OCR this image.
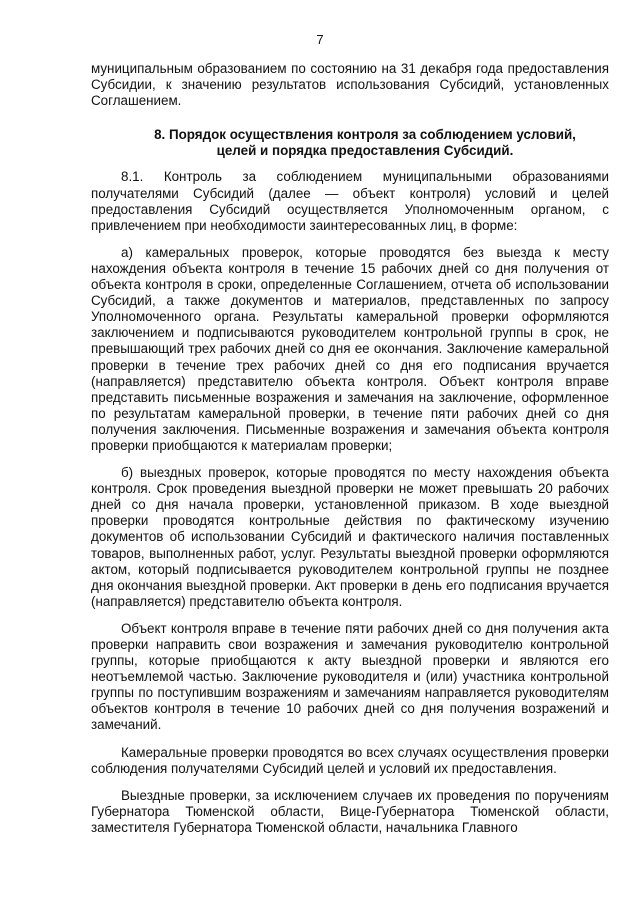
7

муниципальным образованием по состоянию на 31 декабря года предоставления Субсидии, к значению результатов использования Субсидий, установленных Соглашением.

8. Порядок осуществления контроля за соблюдением условий,
целей и порядка предоставления Субсидий.

8.1. Контроль за соблюдением муниципальными образованиями получателями Субсидий (далее — объект контроля) условий и целей предоставления Субсидий осуществляется Уполномоченным органом, с привлечением при необходимости заинтересованных лиц, в форме:

а) камеральных проверок, которые проводятся без выезда к месту нахождения объекта контроля в течение 15 рабочих дней со дня получения от объекта контроля в сроки, определенные Соглашением, отчета об использовании Субсидий, а также документов и материалов, представленных по запросу Уполномоченного органа. Результаты камеральной проверки оформляются заключением и подписываются руководителем контрольной группы в срок, не превышающий трех рабочих дней со дня ее окончания. Заключение камеральной проверки в течение трех рабочих дней со дня его подписания вручается (направляется) представителю объекта контроля. Объект контроля вправе представить письменные возражения и замечания на заключение, оформленное по результатам камеральной проверки, в течение пяти рабочих дней со дня получения заключения. Письменные возражения и замечания объекта контроля проверки приобщаются к материалам проверки;

б) выездных проверок, которые проводятся по месту нахождения объекта контроля. Срок проведения выездной проверки не может превышать 20 рабочих дней со дня начала проверки, установленной приказом. В ходе выездной проверки проводятся контрольные действия по фактическому изучению документов об использовании Субсидий и фактического наличия поставленных товаров, выполненных работ, услуг. Результаты выездной проверки оформляются актом, который подписывается руководителем контрольной группы не позднее дня окончания выездной проверки. Акт проверки в день его подписания вручается (направляется) представителю объекта контроля.

Объект контроля вправе в течение пяти рабочих дней со дня получения акта проверки направить свои возражения и замечания руководителю контрольной группы, которые приобщаются к акту выездной проверки и являются его неотъемлемой частью. Заключение руководителя и (или) участника контрольной группы по поступившим возражениям и замечаниям направляется руководителям объектов контроля в течение 10 рабочих дней со дня получения возражений и замечаний.

Камеральные проверки проводятся во всех случаях осуществления проверки соблюдения получателями Субсидий целей и условий их предоставления.

Выездные проверки, за исключением случаев их проведения по поручениям Губернатора Тюменской области, Вице-Губернатора Тюменской области, заместителя Губернатора Тюменской области, начальника Главного
